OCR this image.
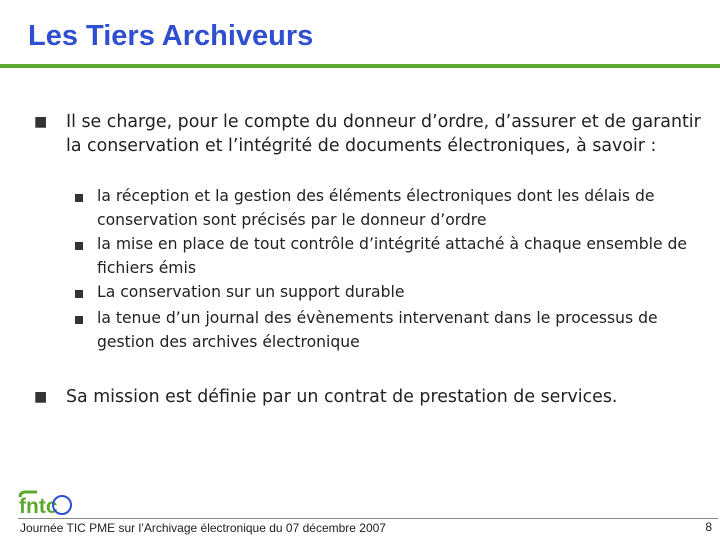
Les Tiers Archiveurs
■ Il se charge, pour le compte du donneur d’ordre, d’assurer et de garantir la conservation et l’intégrité de documents électroniques, à savoir :
la réception et la gestion des éléments électroniques dont les délais de conservation sont précisés par le donneur d’ordre
la mise en place de tout contrôle d’intégrité attaché à chaque ensemble de fichiers émis
La conservation sur un support durable
la tenue d’un journal des évènements intervenant dans le processus de gestion des archives électronique
■ Sa mission est définie par un contrat de prestation de services.
fntc
Journée TIC PME sur l’Archivage électronique du 07 décembre 2007	8
